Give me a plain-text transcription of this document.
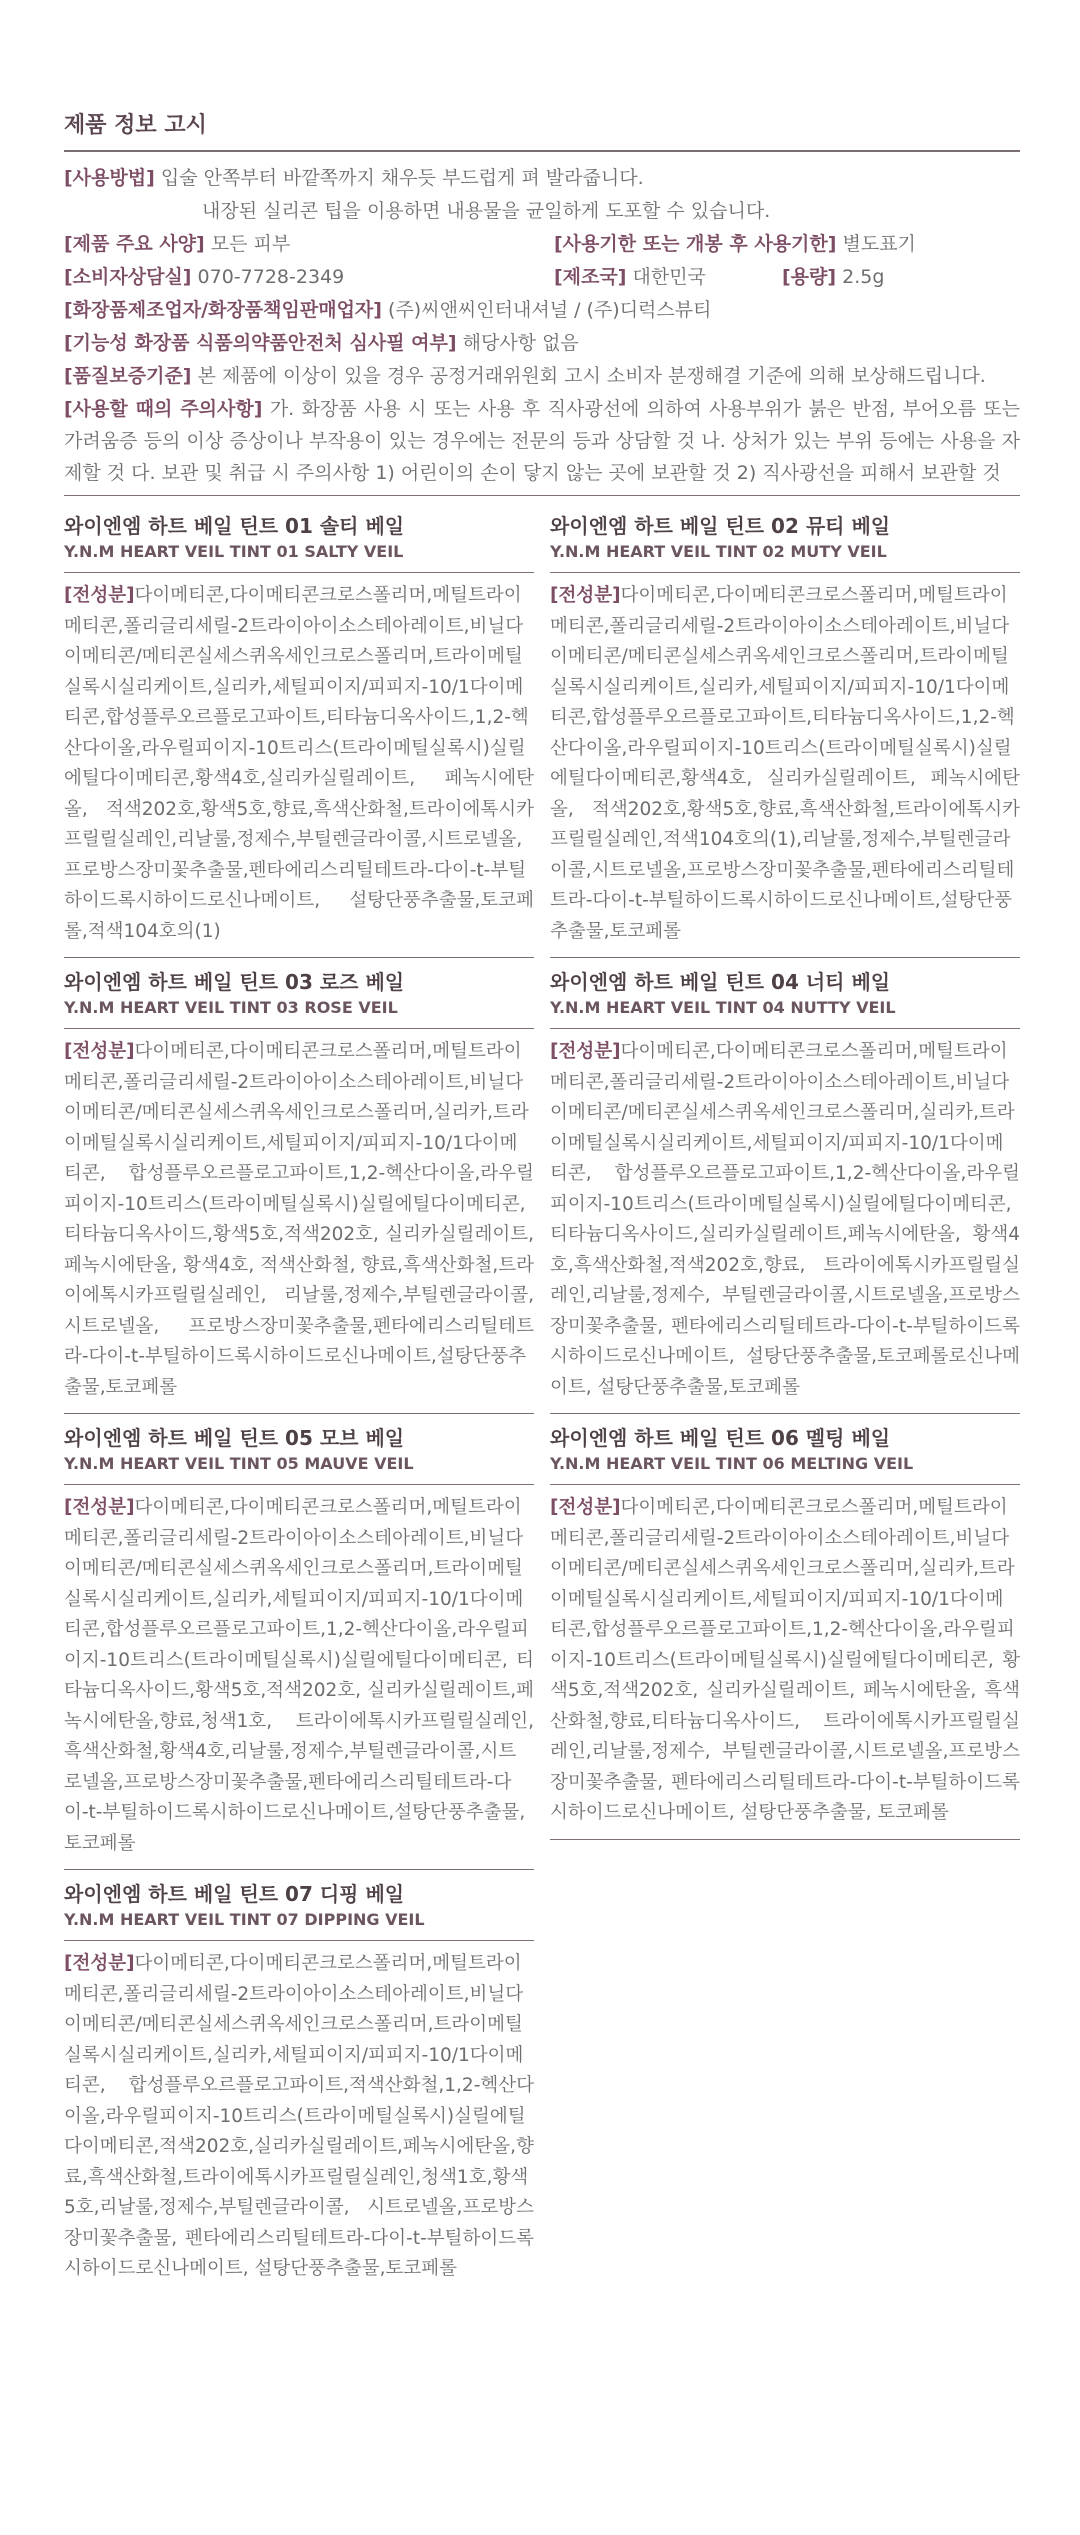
제품 정보 고시
[사용방법] 입술 안쪽부터 바깥쪽까지 채우듯 부드럽게 펴 발라줍니다.
내장된 실리콘 팁을 이용하면 내용물을 균일하게 도포할 수 있습니다.
[제품 주요 사양] 모든 피부	[사용기한 또는 개봉 후 사용기한] 별도표기
[소비자상담실] 070-7728-2349	[제조국] 대한민국	[용량] 2.5g
[화장품제조업자/화장품책임판매업자] (주)씨앤씨인터내셔널 / (주)디럭스뷰티
[기능성 화장품 식품의약품안전처 심사필 여부] 해당사항 없음
[품질보증기준] 본 제품에 이상이 있을 경우 공정거래위원회 고시 소비자 분쟁해결 기준에 의해 보상해드립니다.
[사용할 때의 주의사항] 가. 화장품 사용 시 또는 사용 후 직사광선에 의하여 사용부위가 붉은 반점, 부어오름 또는 가려움증 등의 이상 증상이나 부작용이 있는 경우에는 전문의 등과 상담할 것 나. 상처가 있는 부위 등에는 사용을 자제할 것 다. 보관 및 취급 시 주의사항 1) 어린이의 손이 닿지 않는 곳에 보관할 것 2) 직사광선을 피해서 보관할 것
와이엔엠 하트 베일 틴트 01 솔티 베일
Y.N.M HEART VEIL TINT 01 SALTY VEIL
[전성분]다이메티콘,다이메티콘크로스폴리머,메틸트라이메티콘,폴리글리세릴-2트라이아이소스테아레이트,비닐다이메티콘/메티콘실세스퀴옥세인크로스폴리머,트라이메틸실록시실리케이트,실리카,세틸피이지/피피지-10/1다이메티콘,합성플루오르플로고파이트,티타늄디옥사이드,1,2-헥산다이올,라우릴피이지-10트리스(트라이메틸실록시)실릴에틸다이메티콘,황색4호,실리카실릴레이트, 페녹시에탄올, 적색202호,황색5호,향료,흑색산화철,트라이에톡시카프릴릴실레인,리날룰,정제수,부틸렌글라이콜,시트로넬올,프로방스장미꽃추출물,펜타에리스리틸테트라-다이-t-부틸하이드록시하이드로신나메이트, 설탕단풍추출물,토코페롤,적색104호의(1)
와이엔엠 하트 베일 틴트 03 로즈 베일
Y.N.M HEART VEIL TINT 03 ROSE VEIL
[전성분]다이메티콘,다이메티콘크로스폴리머,메틸트라이메티콘,폴리글리세릴-2트라이아이소스테아레이트,비닐다이메티콘/메티콘실세스퀴옥세인크로스폴리머,실리카,트라이메틸실록시실리케이트,세틸피이지/피피지-10/1다이메티콘, 합성플루오르플로고파이트,1,2-헥산다이올,라우릴피이지-10트리스(트라이메틸실록시)실릴에틸다이메티콘, 티타늄디옥사이드,황색5호,적색202호, 실리카실릴레이트,페녹시에탄올, 황색4호, 적색산화철, 향료,흑색산화철,트라이에톡시카프릴릴실레인, 리날룰,정제수,부틸렌글라이콜,시트로넬올, 프로방스장미꽃추출물,펜타에리스리틸테트라-다이-t-부틸하이드록시하이드로신나메이트,설탕단풍추출물,토코페롤
와이엔엠 하트 베일 틴트 05 모브 베일
Y.N.M HEART VEIL TINT 05 MAUVE VEIL
[전성분]다이메티콘,다이메티콘크로스폴리머,메틸트라이메티콘,폴리글리세릴-2트라이아이소스테아레이트,비닐다이메티콘/메티콘실세스퀴옥세인크로스폴리머,트라이메틸실록시실리케이트,실리카,세틸피이지/피피지-10/1다이메티콘,합성플루오르플로고파이트,1,2-헥산다이올,라우릴피이지-10트리스(트라이메틸실록시)실릴에틸다이메티콘, 티타늄디옥사이드,황색5호,적색202호, 실리카실릴레이트,페녹시에탄올,향료,청색1호, 트라이에톡시카프릴릴실레인,흑색산화철,황색4호,리날룰,정제수,부틸렌글라이콜,시트로넬올,프로방스장미꽃추출물,펜타에리스리틸테트라-다이-t-부틸하이드록시하이드로신나메이트,설탕단풍추출물,토코페롤
와이엔엠 하트 베일 틴트 07 디핑 베일
Y.N.M HEART VEIL TINT 07 DIPPING VEIL
[전성분]다이메티콘,다이메티콘크로스폴리머,메틸트라이메티콘,폴리글리세릴-2트라이아이소스테아레이트,비닐다이메티콘/메티콘실세스퀴옥세인크로스폴리머,트라이메틸실록시실리케이트,실리카,세틸피이지/피피지-10/1다이메티콘, 합성플루오르플로고파이트,적색산화철,1,2-헥산다이올,라우릴피이지-10트리스(트라이메틸실록시)실릴에틸다이메티콘,적색202호,실리카실릴레이트,페녹시에탄올,향료,흑색산화철,트라이에톡시카프릴릴실레인,청색1호,황색5호,리날룰,정제수,부틸렌글라이콜, 시트로넬올,프로방스장미꽃추출물, 펜타에리스리틸테트라-다이-t-부틸하이드록시하이드로신나메이트, 설탕단풍추출물,토코페롤
와이엔엠 하트 베일 틴트 02 뮤티 베일
Y.N.M HEART VEIL TINT 02 MUTY VEIL
[전성분]다이메티콘,다이메티콘크로스폴리머,메틸트라이메티콘,폴리글리세릴-2트라이아이소스테아레이트,비닐다이메티콘/메티콘실세스퀴옥세인크로스폴리머,트라이메틸실록시실리케이트,실리카,세틸피이지/피피지-10/1다이메티콘,합성플루오르플로고파이트,티타늄디옥사이드,1,2-헥산다이올,라우릴피이지-10트리스(트라이메틸실록시)실릴에틸다이메티콘,황색4호, 실리카실릴레이트, 페녹시에탄올, 적색202호,황색5호,향료,흑색산화철,트라이에톡시카프릴릴실레인,적색104호의(1),리날룰,정제수,부틸렌글라이콜,시트로넬올,프로방스장미꽃추출물,펜타에리스리틸테트라-다이-t-부틸하이드록시하이드로신나메이트,설탕단풍추출물,토코페롤
와이엔엠 하트 베일 틴트 04 너티 베일
Y.N.M HEART VEIL TINT 04 NUTTY VEIL
[전성분]다이메티콘,다이메티콘크로스폴리머,메틸트라이메티콘,폴리글리세릴-2트라이아이소스테아레이트,비닐다이메티콘/메티콘실세스퀴옥세인크로스폴리머,실리카,트라이메틸실록시실리케이트,세틸피이지/피피지-10/1다이메티콘, 합성플루오르플로고파이트,1,2-헥산다이올,라우릴피이지-10트리스(트라이메틸실록시)실릴에틸다이메티콘, 티타늄디옥사이드,실리카실릴레이트,페녹시에탄올, 황색4호,흑색산화철,적색202호,향료, 트라이에톡시카프릴릴실레인,리날룰,정제수, 부틸렌글라이콜,시트로넬올,프로방스장미꽃추출물, 펜타에리스리틸테트라-다이-t-부틸하이드록시하이드로신나메이트, 설탕단풍추출물,토코페롤로신나메이트, 설탕단풍추출물,토코페롤
와이엔엠 하트 베일 틴트 06 멜팅 베일
Y.N.M HEART VEIL TINT 06 MELTING VEIL
[전성분]다이메티콘,다이메티콘크로스폴리머,메틸트라이메티콘,폴리글리세릴-2트라이아이소스테아레이트,비닐다이메티콘/메티콘실세스퀴옥세인크로스폴리머,실리카,트라이메틸실록시실리케이트,세틸피이지/피피지-10/1다이메티콘,합성플루오르플로고파이트,1,2-헥산다이올,라우릴피이지-10트리스(트라이메틸실록시)실릴에틸다이메티콘, 황색5호,적색202호, 실리카실릴레이트, 페녹시에탄올, 흑색산화철,향료,티타늄디옥사이드, 트라이에톡시카프릴릴실레인,리날룰,정제수, 부틸렌글라이콜,시트로넬올,프로방스장미꽃추출물, 펜타에리스리틸테트라-다이-t-부틸하이드록시하이드로신나메이트, 설탕단풍추출물, 토코페롤
